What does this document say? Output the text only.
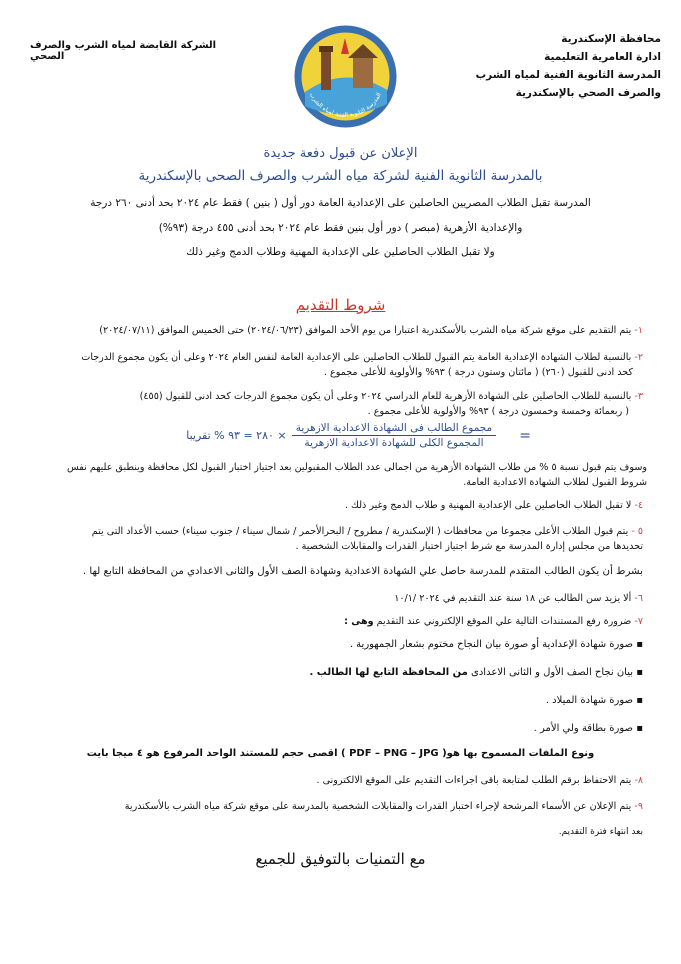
محافظة الإسكندرية
ادارة العامرية التعليمية
المدرسة الثانوية الفنية لمياه الشرب
والصرف الصحي بالإسكندرية
المدرسة الثانوية الفنية لمياه الشرب
الشركة القابضة لمياه الشرب والصرف الصحي
الإعلان عن قبول دفعة جديدة
بالمدرسة الثانوية الفنية لشركة مياه الشرب والصرف الصحى بالإسكندرية
المدرسة تقبل الطلاب المصريين الحاصلين على الإعدادية العامة دور أول ( بنين ) فقط عام ٢٠٢٤ بحد أدنى ٢٦٠ درجة
والإعدادية الأزهرية (مبصر ) دور أول بنين فقط عام ٢٠٢٤ بحد أدنى ٤٥٥ درجة (٩٣%)
ولا تقبل الطلاب الحاصلين على الإعدادية المهنية وطلاب الدمج وغير ذلك
شروط التقديم
١- يتم التقديم على موقع شركة مياه الشرب بالأسكندرية اعتبارا من يوم الأحد الموافق (٢٠٢٤/٠٦/٢٣) حتى الخميس الموافق (٢٠٢٤/٠٧/١١)
٢- بالنسبة لطلاب الشهادة الإعدادية العامة يتم القبول للطلاب الحاصلين على الإعدادية العامة لنفس العام ٢٠٢٤ وعلى أن يكون مجموع الدرجات
كحد ادنى للقبول (٢٦٠) ( مائتان وستون درجة ) ٩٣% والأولوية للأعلى مجموع .
٣- بالنسبة للطلاب الحاصلين على الشهادة الأزهرية للعام الدراسي ٢٠٢٤ وعلى أن يكون مجموع الدرجات كحد ادنى للقبول (٤٥٥)
( ربعمائة وخمسة وخمسون درجة ) ٩٣% والأولوية للأعلى مجموع .
=
$\frac{\text{مجموع الطالب فى الشهادة الاعدادية الازهرية}}{\text{المجموع الكلى للشهادة الاعدادية الازهرية}}$
× ٢٨٠ = ٩٣ % تقريبا
وسوف يتم قبول نسبة ٥ % من طلاب الشهادة الأزهرية من اجمالى عدد الطلاب المقبولين بعد اجتياز اختبار القبول لكل محافظة وينطبق عليهم نفس
شروط القبول لطلاب الشهادة الاعدادية العامة.
٤- لا تقبل الطلاب الحاصلين على الإعدادية المهنية و طلاب الدمج وغير ذلك .
٥ - يتم قبول الطلاب الأعلى مجموعا من محافظات ( الإسكندرية / مطروح / البحرالأحمر / شمال سيناء / جنوب سيناء) حسب الأعداد التى يتم
تحديدها من مجلس إدارة المدرسة مع شرط اجتياز اختبار القدرات والمقابلات الشخصية .
بشرط أن يكون الطالب المتقدم للمدرسة حاصل علي الشهادة الاعدادية وشهادة الصف الأول والثانى الاعدادي من المحافظة التابع لها .
٦- ألا يزيد سن الطالب عن ١٨ سنة عند التقديم في ٢٠٢٤ /١٠/١
٧- ضرورة رفع المستندات التالية علي الموقع الإلكتروني عند التقديم وهى :
▪ صورة شهادة الإعدادية أو صورة بيان النجاح مختوم بشعار الجمهورية .
▪ بيان نجاح الصف الأول و الثانى الاعدادى من المحافظة التابع لها الطالب .
▪ صورة شهادة الميلاد .
▪ صورة بطاقة ولي الأمر .
ونوع الملفات المسموح بها هو( PDF – PNG – JPG ) اقصى حجم للمستند الواحد المرفوع هو ٤ ميجا بايت
٨- يتم الاحتفاظ برقم الطلب لمتابعة باقى اجراءات التقديم على الموقع الالكترونى .
٩- يتم الإعلان عن الأسماء المرشحة لإجراء اختبار القدرات والمقابلات الشخصية بالمدرسة على موقع شركة مياه الشرب بالأسكندرية
بعد انتهاء فترة التقديم.
مع التمنيات بالتوفيق للجميع
